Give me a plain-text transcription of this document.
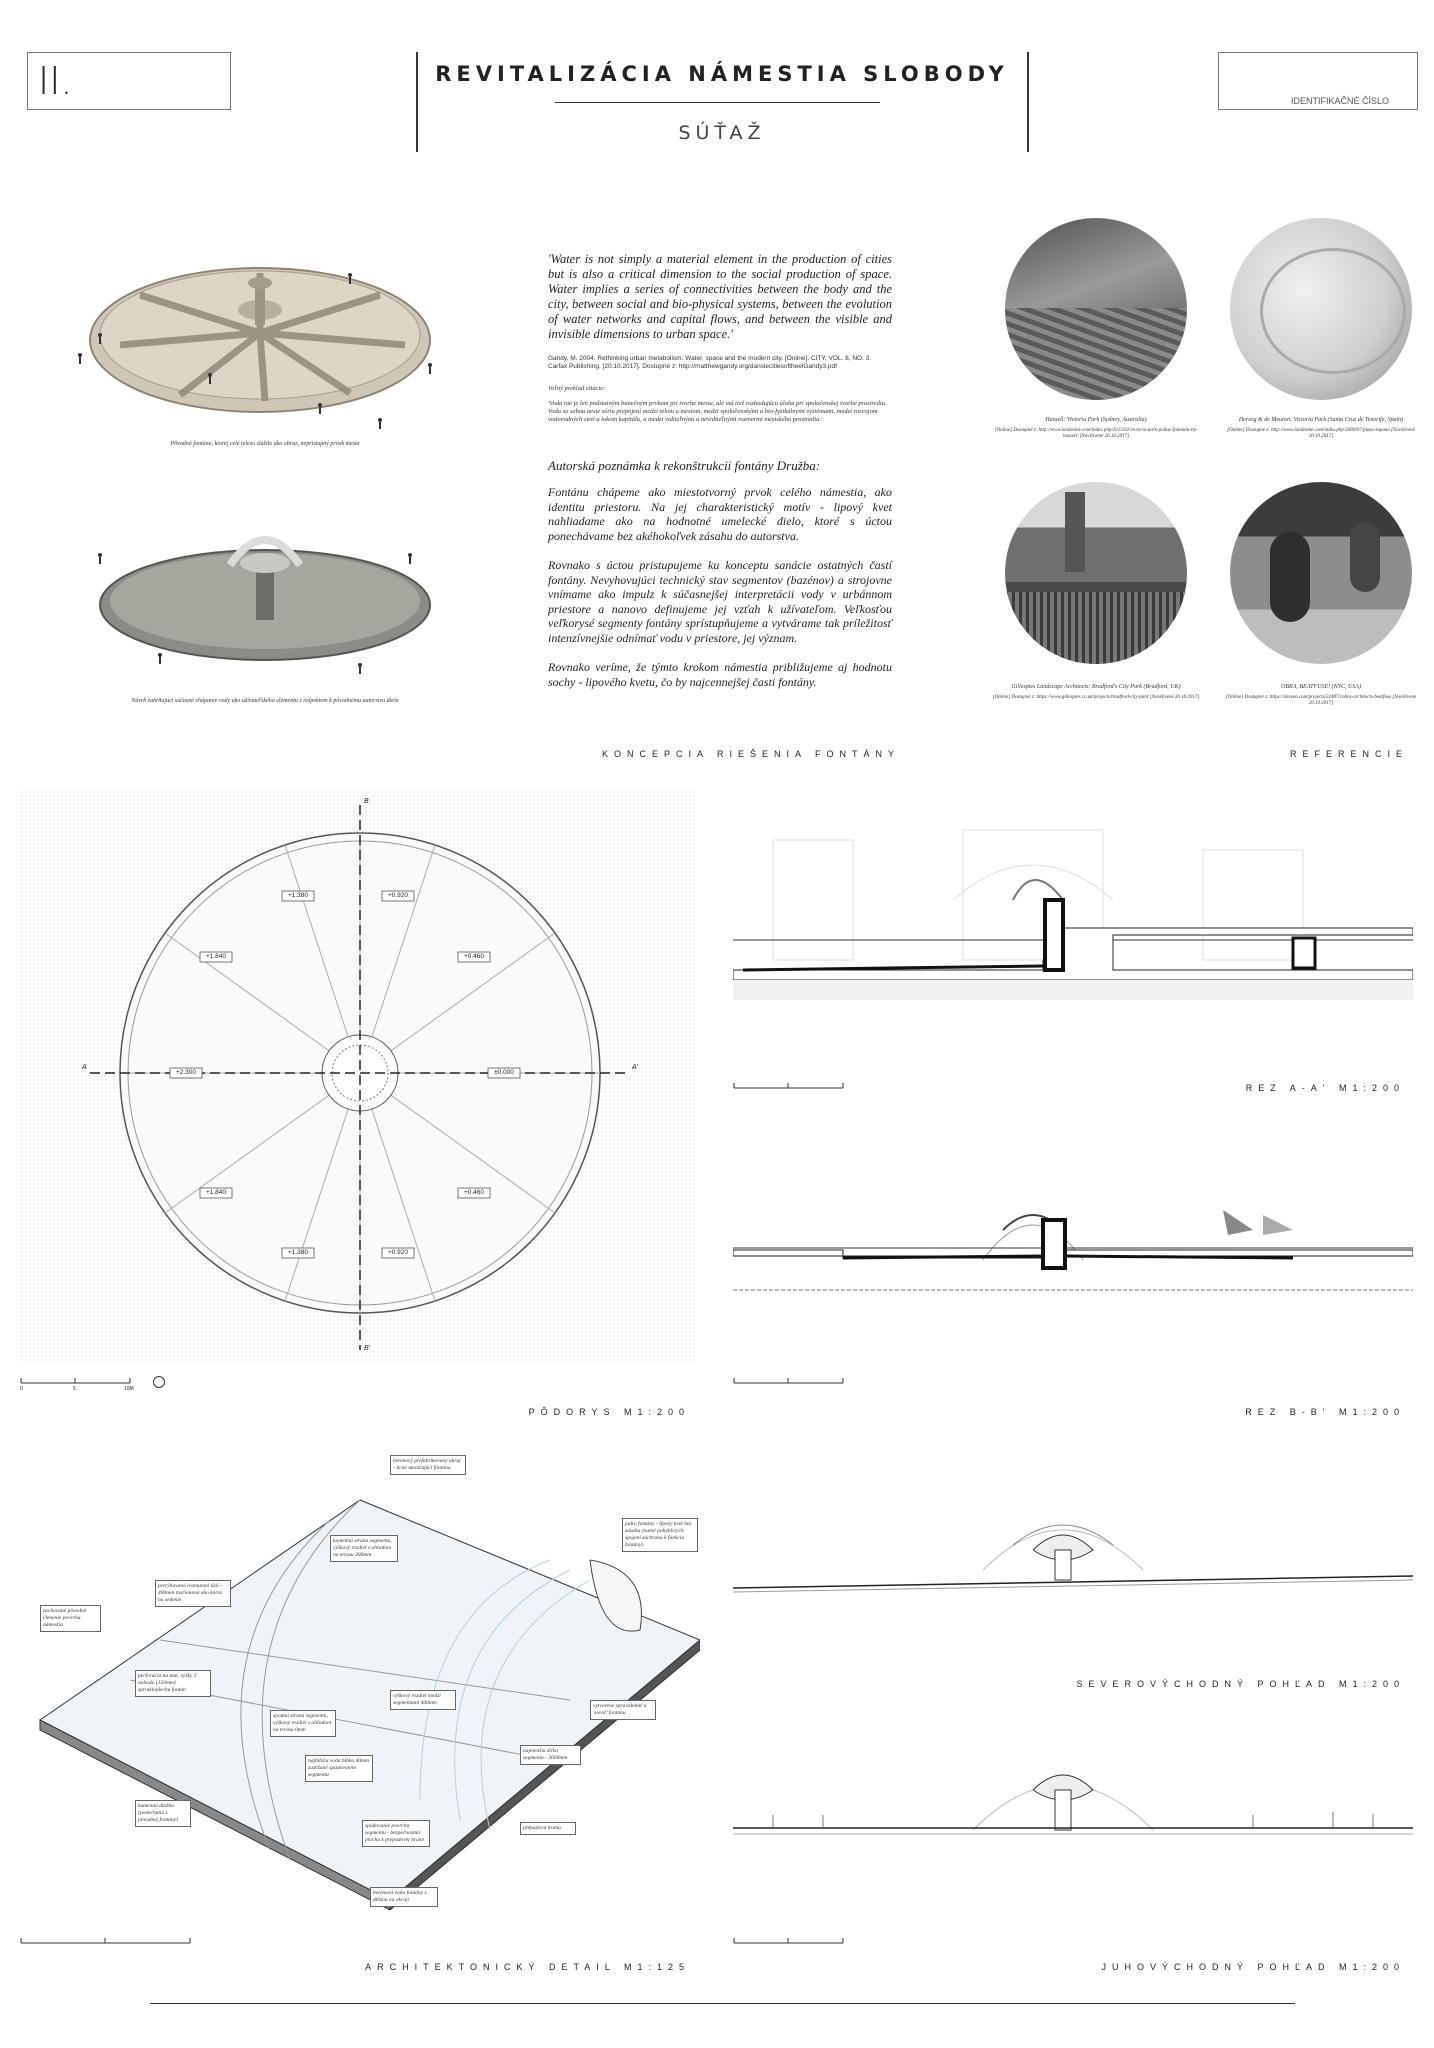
II.	REVITALIZÁCIA NÁMESTIA SLOBODY
SÚŤAŽ
IDENTIFIKAČNÉ ČÍSLO
Pôvodná fontána, ktorej celé teleso slúžilo ako obraz, nepristupný prvok mesta
Návrh zahŕňajúci súčasné chápanie vody ako užívateľského elementu s rešpektom k pôvodnému autorstvu diela
'Water is not simply a material element in the production of cities but is also a critical dimension to the social production of space. Water implies a series of connectivities between the body and the city, between social and bio-physical systems, between the evolution of water networks and capital flows, and between the visible and invisible dimensions to urban space.'
Gandy, M. 2004. Rethinking urban metabolism: Water, space and the modern city. [Online]. CITY, VOL. 8, NO. 3. Carfax Publishing. [20.10.2017]. Dostupné z: http://matthewgandy.org/danslecitiesoftheelGandy3.pdf
Voľný preklad citácie:
'Voda nie je len podstatným bunečným prvkom pri tvorbe mesta, ale má tiež rozhodujúcu úlohu pri spoločenskej tvorbe prostredia. Voda so sebou nesie sériu prepojení medzi telom a mestom, medzi spoločenskými a bio-fyzikálnymi systémami, medzi rozvojom vodovodných sietí a tokom kapitálu, a medzi viditeľnými a neviditeľnými rozmermi mestského prostredia.'
Autorská poznámka k rekonštrukcii fontány Družba:
Fontánu chápeme ako miestotvorný prvok celého námestia, ako identitu priestoru. Na jej charakteristický motív - lipový kvet nahliadame ako na hodnotné umelecké dielo, ktoré s úctou ponechávame bez akéhokoľvek zásahu do autorstva.
Rovnako s úctou pristupujeme ku konceptu sanácie ostatných častí fontány. Nevyhovujúci technický stav segmentov (bazénov) a strojovne vnímame ako impulz k súčasnejšej interpretácii vody v urbánnom priestore a nanovo definujeme jej vzťah k užívateľom. Veľkosťou veľkorysé segmenty fontány sprístupňujeme a vytvárame tak príležitosť intenzívnejšie odnímať vodu v priestore, jej význam.
Rovnako veríme, že týmto krokom námestia približujeme aj hodnotu sochy - lipového kvetu, čo by najcennejšej časti fontány.
KONCEPCIA RIEŠENIA FONTÁNY
Hassell: Victoria Park (Sydney, Australia)
[Online] Dostupné z: http://www.landezine.com/index.php/2015/02/victoria-park-pollux-fountain-by-hassell/ [Navštívené 20.10.2017]
Herzog & de Meuron: Victoria Park (Santa Cruz de Tenerife, Spain)
[Online] Dostupné z: http://www.landezine.com/index.php/2009/07/plaza-espana [Navštívené 20.10.2017]
Gillespies Landscape Architects: Bradford's City Park (Bradford, UK)
[Online] Dostupné z: https://www.gillespies.co.uk/projects/bradford-city-park [Navštívené 20.10.2017]
OBRA, BEATFUSE! (NYC, USA)
[Online] Dostupné z: https://dezeen.com/projects/22487/cobra-architects-beatfuse [Navštívené 20.10.2017]
REFERENCIE
+1.380	+0.920
+1.840	+0.460
+2.300	±0.000
+1.840	+0.460
+1.380	+0.920
A	A'
B
B'
0	5	10M
PÔDORYS M1:200
REZ A-A' M1:200
REZ B-B' M1:200
betónový prefabrikovaný okraj - lícne ukončujúci fontánu
kamenná strana segmentu, výškový rozdiel s ohľadom na terasu 300mm
jadro fontány - lipový kvet bez zásahu (nutné pohyblivých spojení záchrana k funkcia fontány)
prerýhovaná rozmanitá 6x6 - 400mm rozčlenená ako korzo na sedenie
zachované pôvodné členenie povrchu námestia
perforácia na mut, výšky 3 nohodo (150mm) sprinkleplechu fontán
spodná strana segmentu, výškový rozdiel s ohľadom na terasu 0mm
výškový rozdiel medzi segmentami 460mm	vytvorené spravidelniť a 'sieviť' fontánu
najmenšia šírka segmentu - 3000mm
najhlbšia voda hĺbka 40mm zadržané spádovaním segmentu
kamenná dlažba (ponechaná z pôvodnej fontány)
spádovanie povrchu segmentu - bezpečnostná plocha k prepadovej hrane
prepadová hrana
betónová vaňa fontány s dlhšou na okraji
ARCHITEKTONICKÝ DETAIL M1:125
SEVEROVÝCHODNÝ POHĽAD M1:200
JUHOVÝCHODNÝ POHĽAD M1:200
